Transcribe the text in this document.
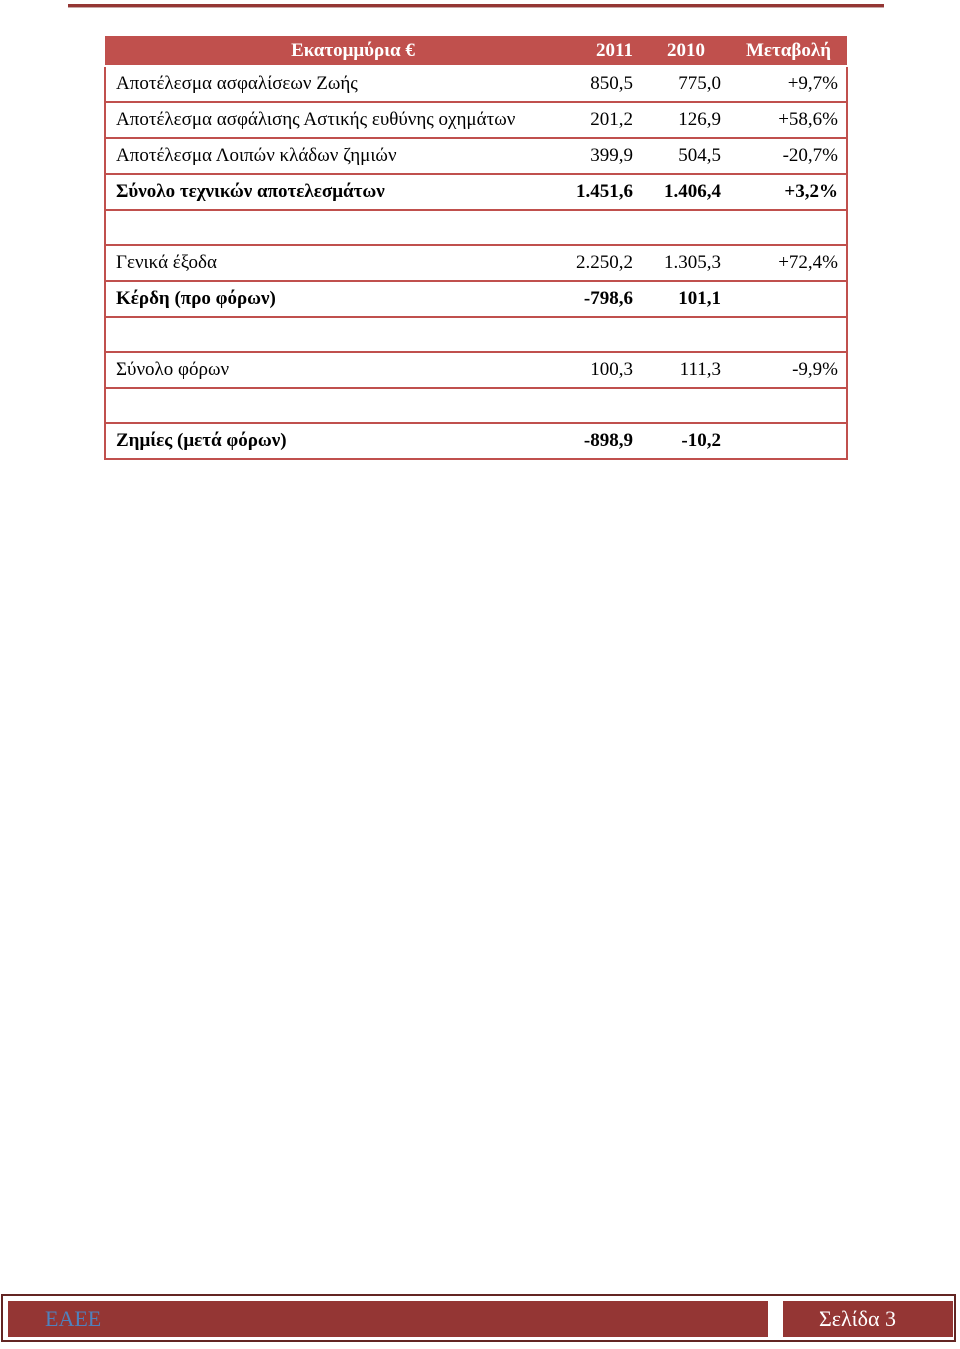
Εκατομμύρια €	2011	2010	Μεταβολή
Αποτέλεσμα ασφαλίσεων Ζωής	850,5	775,0	+9,7%
Αποτέλεσμα ασφάλισης Αστικής ευθύνης οχημάτων	201,2	126,9	+58,6%
Αποτέλεσμα Λοιπών κλάδων ζημιών	399,9	504,5	-20,7%
Σύνολο τεχνικών αποτελεσμάτων	1.451,6	1.406,4	+3,2%

Γενικά έξοδα	2.250,2	1.305,3	+72,4%
Κέρδη (προ φόρων)	-798,6	101,1	

Σύνολο φόρων	100,3	111,3	-9,9%

Ζημίες (μετά φόρων)	-898,9	-10,2	
ΕΑΕΕ	Σελίδα 3
